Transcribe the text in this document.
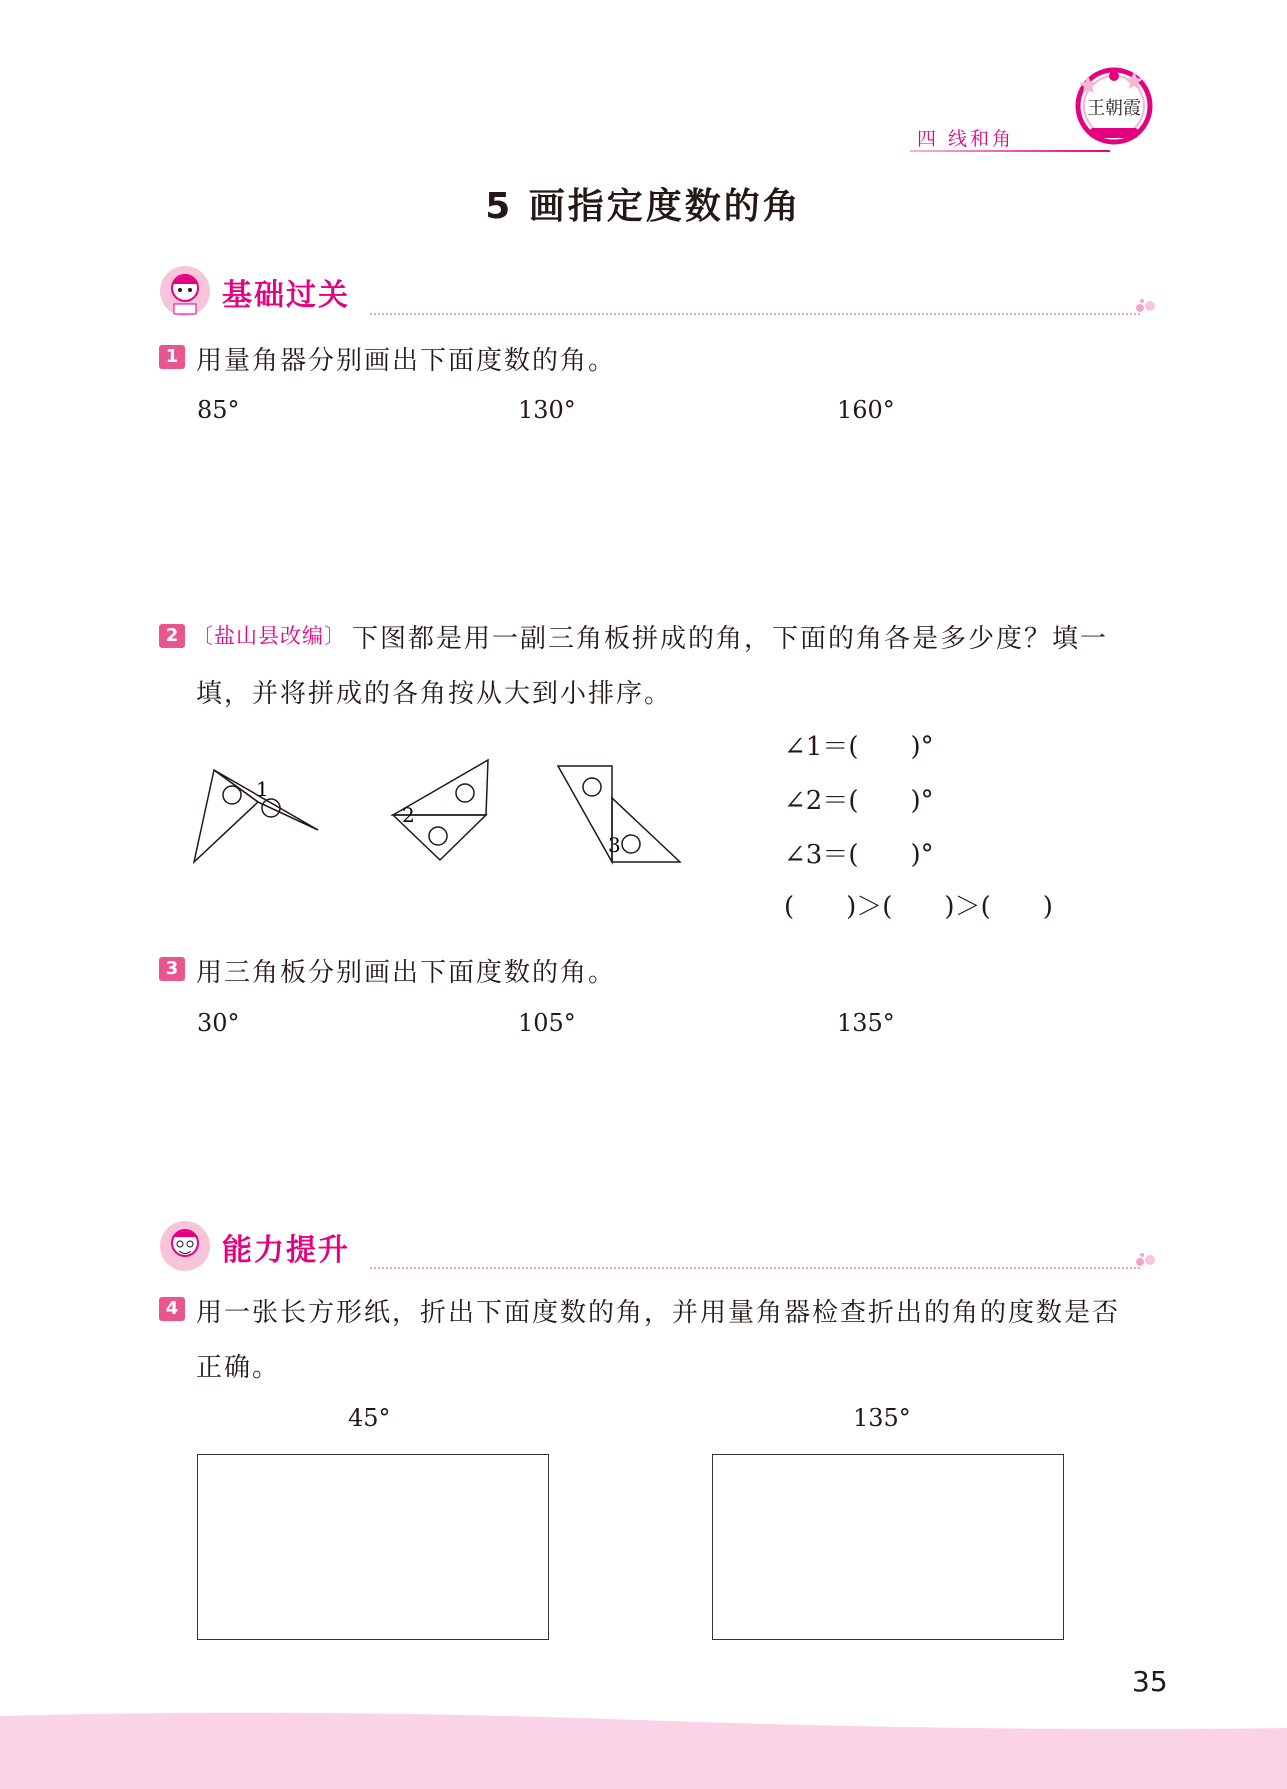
四 线和角
王朝霞
5 画指定度数的角
基础过关
1 用量角器分别画出下面度数的角。
85°	130°	160°
2 〔盐山县改编〕 下图都是用一副三角板拼成的角，下面的角各是多少度？填一
填，并将拼成的各角按从大到小排序。
1
2
3
∠1＝(　　)°
∠2＝(　　)°
∠3＝(　　)°
(　　)＞(　　)＞(　　)
3 用三角板分别画出下面度数的角。
30°	105°	135°
能力提升
4 用一张长方形纸，折出下面度数的角，并用量角器检查折出的角的度数是否
正确。
45°	135°
35
